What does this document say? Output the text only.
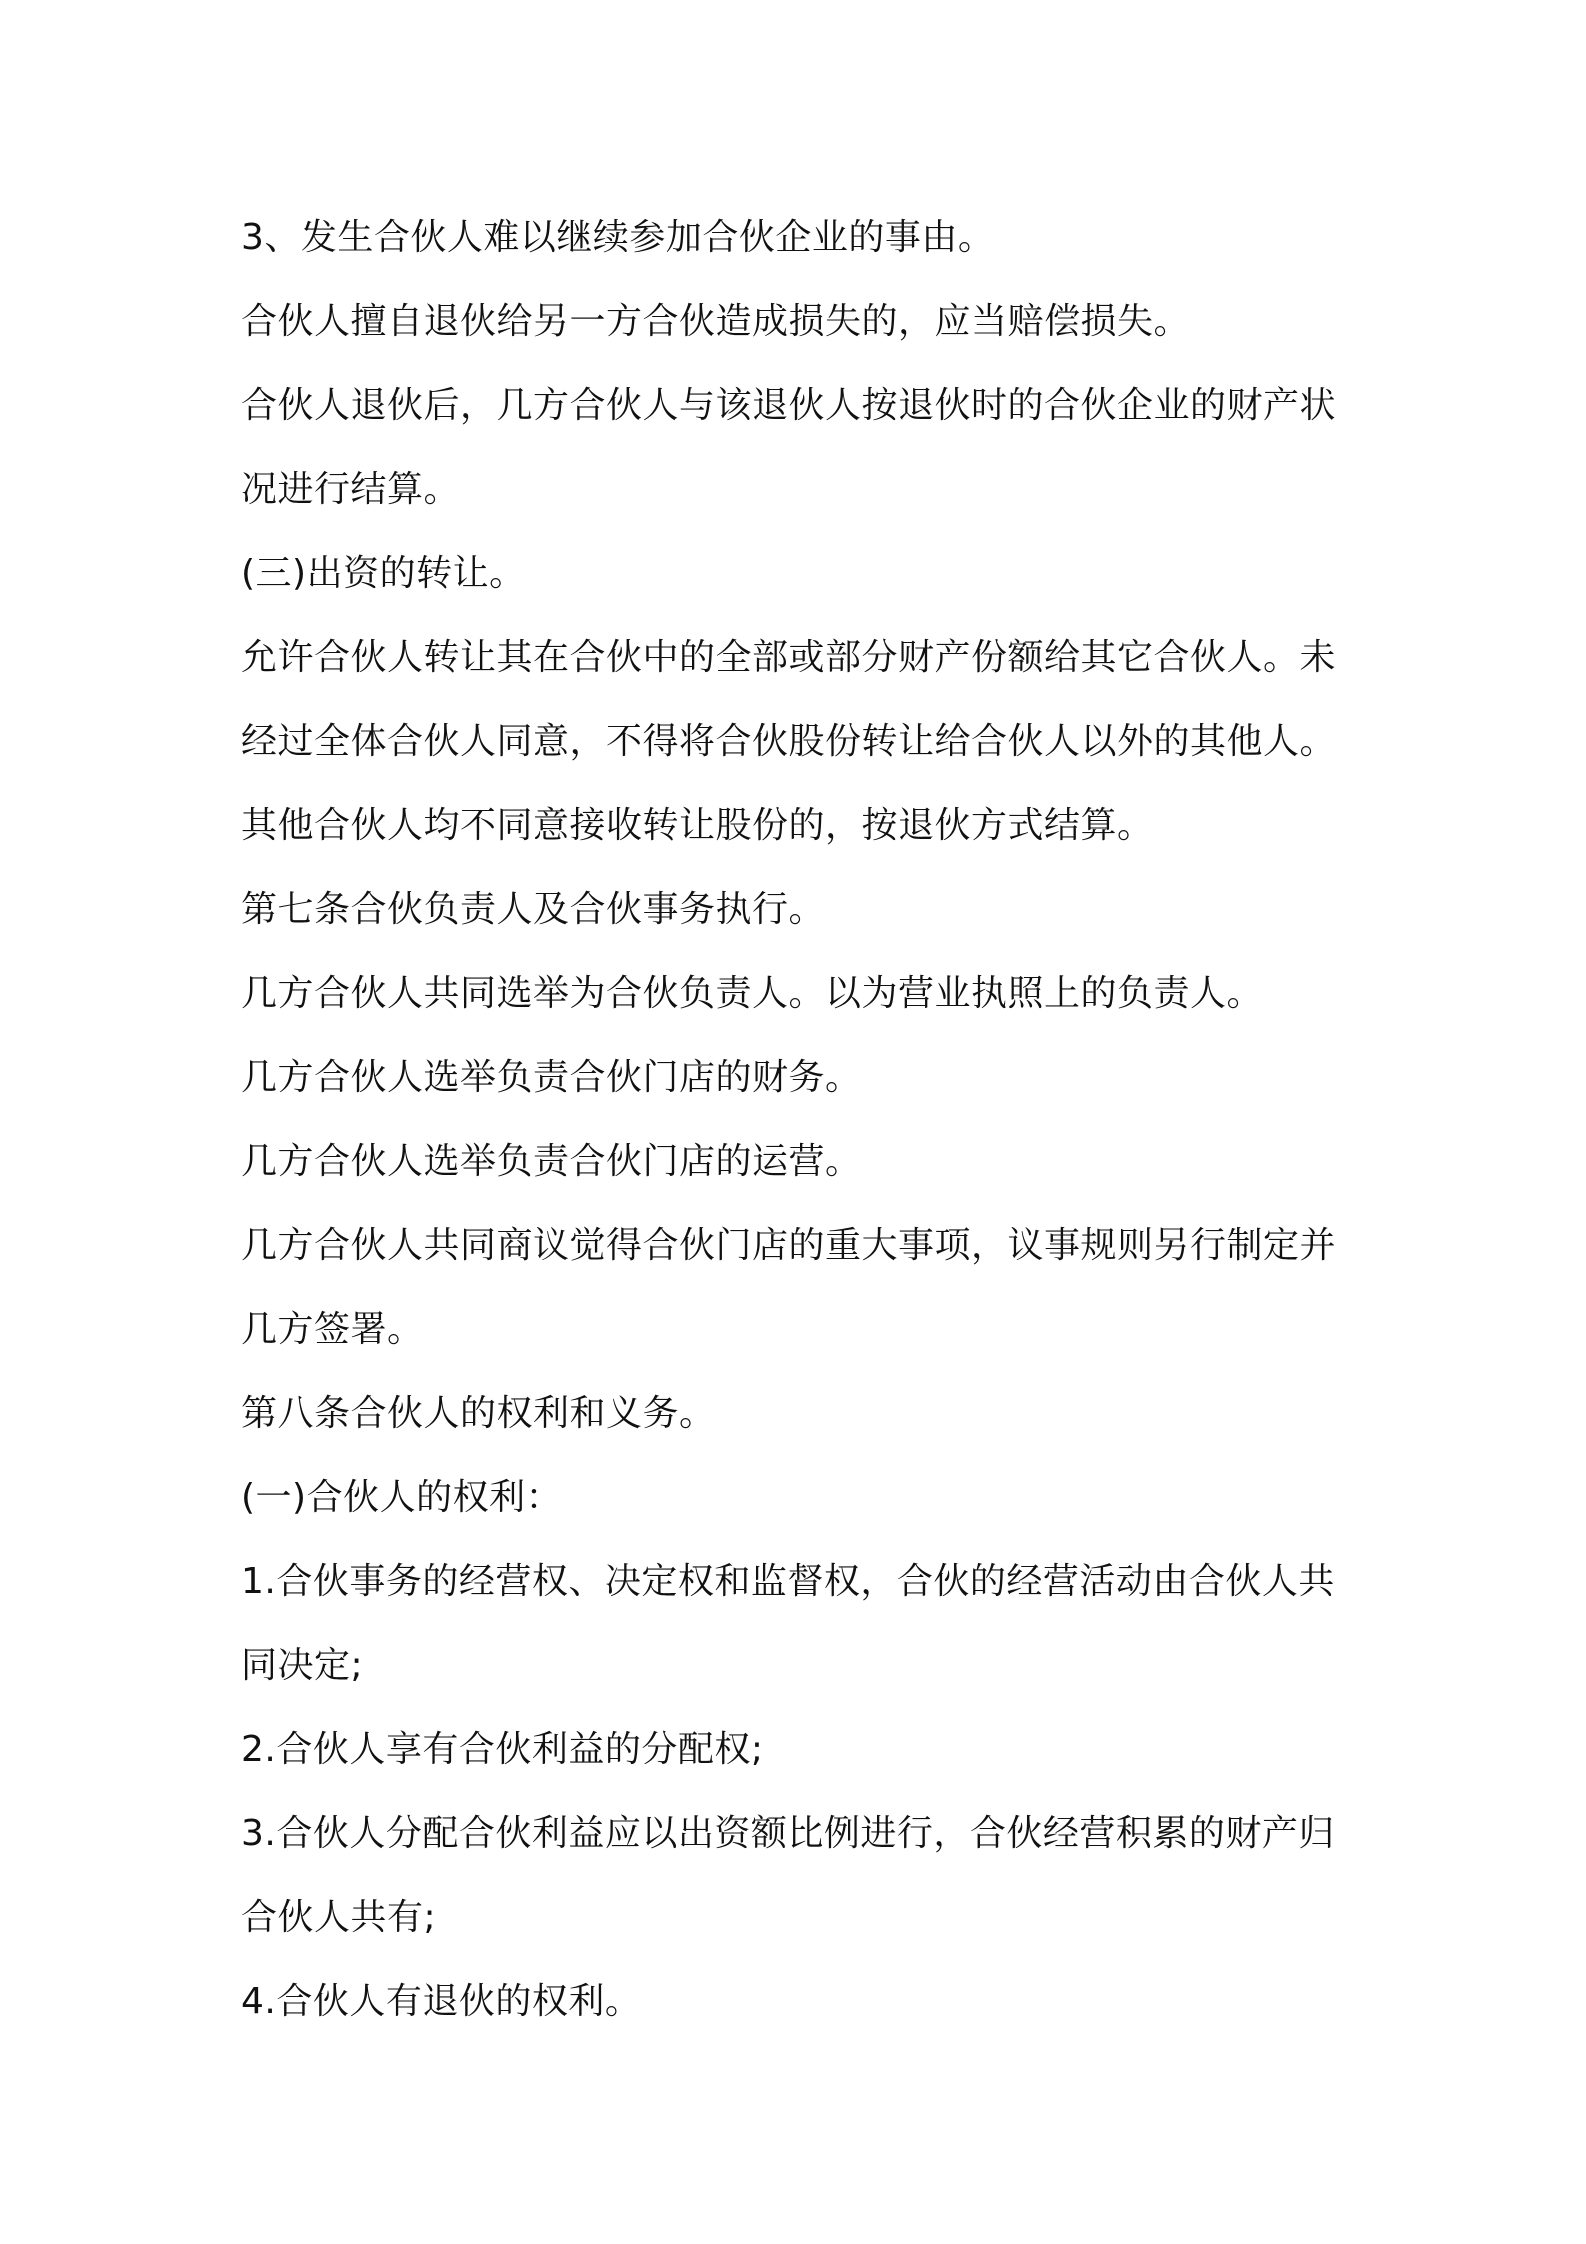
3、发生合伙人难以继续参加合伙企业的事由。

合伙人擅自退伙给另一方合伙造成损失的，应当赔偿损失。

合伙人退伙后，几方合伙人与该退伙人按退伙时的合伙企业的财产状况进行结算。

(三)出资的转让。

允许合伙人转让其在合伙中的全部或部分财产份额给其它合伙人。未经过全体合伙人同意，不得将合伙股份转让给合伙人以外的其他人。

其他合伙人均不同意接收转让股份的，按退伙方式结算。

第七条合伙负责人及合伙事务执行。

几方合伙人共同选举为合伙负责人。以为营业执照上的负责人。

几方合伙人选举负责合伙门店的财务。

几方合伙人选举负责合伙门店的运营。

几方合伙人共同商议觉得合伙门店的重大事项，议事规则另行制定并几方签署。

第八条合伙人的权利和义务。

(一)合伙人的权利：

1.合伙事务的经营权、决定权和监督权，合伙的经营活动由合伙人共同决定;

2.合伙人享有合伙利益的分配权;

3.合伙人分配合伙利益应以出资额比例进行，合伙经营积累的财产归合伙人共有;

4.合伙人有退伙的权利。
